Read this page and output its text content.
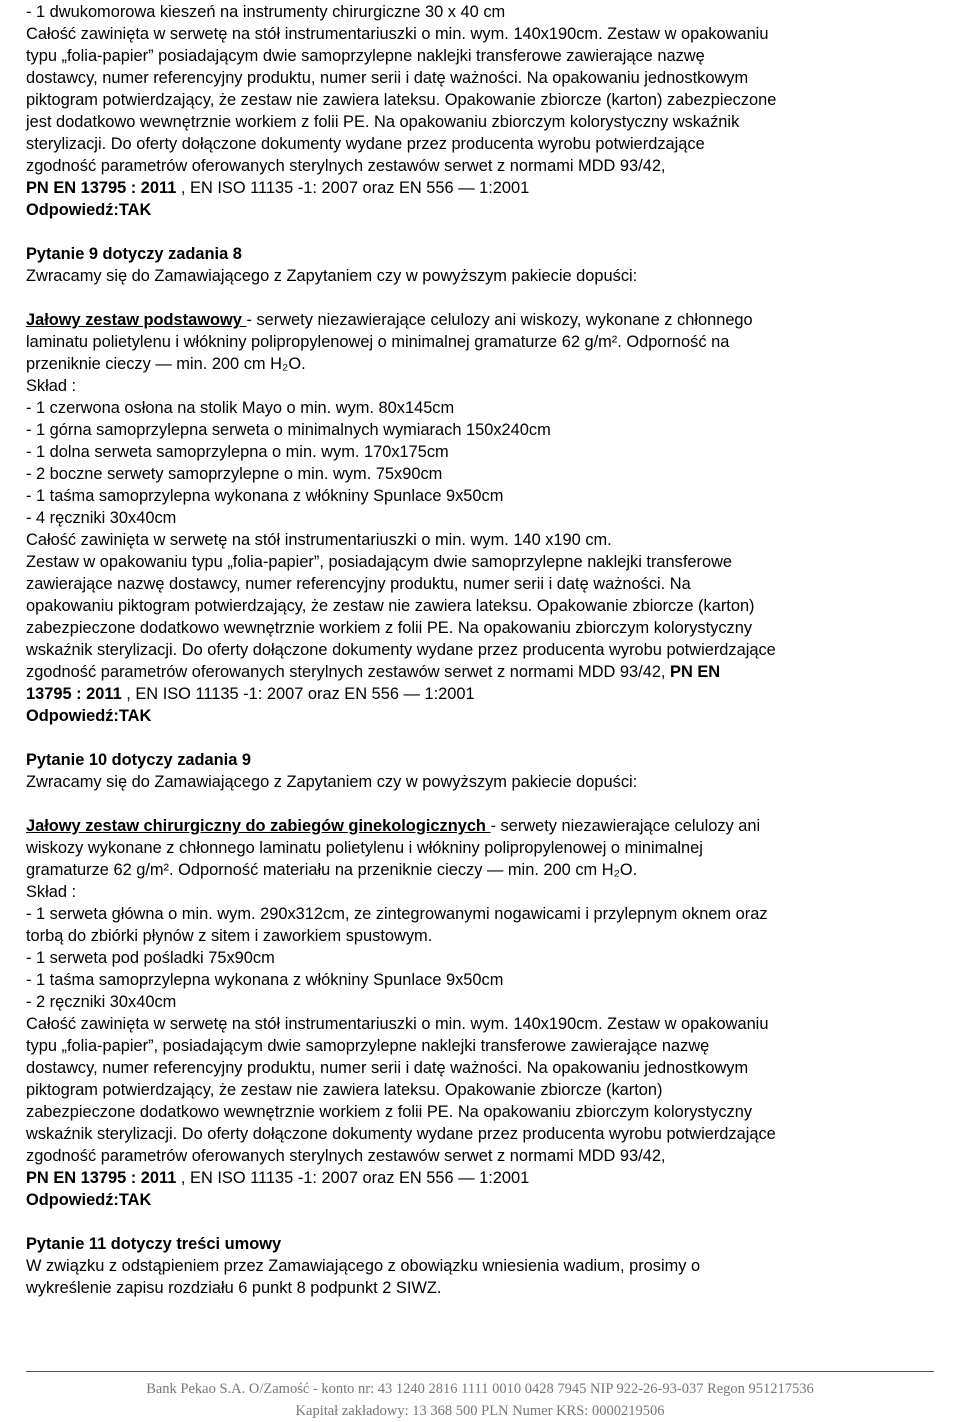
- 1 dwukomorowa kieszeń na instrumenty chirurgiczne 30 x 40 cm
Całość zawinięta w serwetę na stół instrumentariuszki o min. wym. 140x190cm. Zestaw w opakowaniu
typu „folia-papier” posiadającym dwie samoprzylepne naklejki transferowe zawierające nazwę
dostawcy, numer referencyjny produktu, numer serii i datę ważności. Na opakowaniu jednostkowym
piktogram potwierdzający, że zestaw nie zawiera lateksu. Opakowanie zbiorcze (karton) zabezpieczone
jest dodatkowo wewnętrznie workiem z folii PE. Na opakowaniu zbiorczym kolorystyczny wskaźnik
sterylizacji. Do oferty dołączone dokumenty wydane przez producenta wyrobu potwierdzające
zgodność parametrów oferowanych sterylnych zestawów serwet z normami MDD 93/42,
PN EN 13795 : 2011 , EN ISO 11135 -1: 2007 oraz EN 556 ― 1:2001
Odpowiedź:TAK
Pytanie 9 dotyczy zadania 8
Zwracamy się do Zamawiającego z Zapytaniem czy w powyższym pakiecie dopuści:
Jałowy zestaw podstawowy - serwety niezawierające celulozy ani wiskozy, wykonane z chłonnego
laminatu polietylenu i włókniny polipropylenowej o minimalnej gramaturze 62 g/m². Odporność na
przeniknie cieczy ― min. 200 cm H₂O.
Skład :
- 1 czerwona osłona na stolik Mayo o min. wym. 80x145cm
- 1 górna samoprzylepna serweta o minimalnych wymiarach 150x240cm
- 1 dolna serweta samoprzylepna o min. wym. 170x175cm
- 2 boczne serwety samoprzylepne o min. wym. 75x90cm
- 1 taśma samoprzylepna wykonana z włókniny Spunlace 9x50cm
- 4 ręczniki 30x40cm
Całość zawinięta w serwetę na stół instrumentariuszki o min. wym. 140 x190 cm.
Zestaw w opakowaniu typu „folia-papier”, posiadającym dwie samoprzylepne naklejki transferowe
zawierające nazwę dostawcy, numer referencyjny produktu, numer serii i datę ważności. Na
opakowaniu piktogram potwierdzający, że zestaw nie zawiera lateksu. Opakowanie zbiorcze (karton)
zabezpieczone dodatkowo wewnętrznie workiem z folii PE. Na opakowaniu zbiorczym kolorystyczny
wskaźnik sterylizacji. Do oferty dołączone dokumenty wydane przez producenta wyrobu potwierdzające
zgodność parametrów oferowanych sterylnych zestawów serwet z normami MDD 93/42, PN EN
13795 : 2011 , EN ISO 11135 -1: 2007 oraz EN 556 ― 1:2001
Odpowiedź:TAK
Pytanie 10 dotyczy zadania 9
Zwracamy się do Zamawiającego z Zapytaniem czy w powyższym pakiecie dopuści:
Jałowy zestaw chirurgiczny do zabiegów ginekologicznych - serwety niezawierające celulozy ani
wiskozy wykonane z chłonnego laminatu polietylenu i włókniny polipropylenowej o minimalnej
gramaturze 62 g/m². Odporność materiału na przeniknie cieczy ― min. 200 cm H₂O.
Skład :
- 1 serweta główna o min. wym. 290x312cm, ze zintegrowanymi nogawicami i przylepnym oknem oraz
torbą do zbiórki płynów z sitem i zaworkiem spustowym.
- 1 serweta pod pośladki 75x90cm
- 1 taśma samoprzylepna wykonana z włókniny Spunlace 9x50cm
- 2 ręczniki 30x40cm
Całość zawinięta w serwetę na stół instrumentariuszki o min. wym. 140x190cm. Zestaw w opakowaniu
typu „folia-papier”, posiadającym dwie samoprzylepne naklejki transferowe zawierające nazwę
dostawcy, numer referencyjny produktu, numer serii i datę ważności. Na opakowaniu jednostkowym
piktogram potwierdzający, że zestaw nie zawiera lateksu. Opakowanie zbiorcze (karton)
zabezpieczone dodatkowo wewnętrznie workiem z folii PE. Na opakowaniu zbiorczym kolorystyczny
wskaźnik sterylizacji. Do oferty dołączone dokumenty wydane przez producenta wyrobu potwierdzające
zgodność parametrów oferowanych sterylnych zestawów serwet z normami MDD 93/42,
PN EN 13795 : 2011 , EN ISO 11135 -1: 2007 oraz EN 556 ― 1:2001
Odpowiedź:TAK
Pytanie 11 dotyczy treści umowy
W związku z odstąpieniem przez Zamawiającego z obowiązku wniesienia wadium, prosimy o
wykreślenie zapisu rozdziału 6 punkt 8 podpunkt 2 SIWZ.
Bank Pekao S.A. O/Zamość - konto nr: 43 1240 2816 1111 0010 0428 7945 NIP 922-26-93-037 Regon 951217536
Kapitał zakładowy: 13 368 500 PLN Numer KRS: 0000219506
